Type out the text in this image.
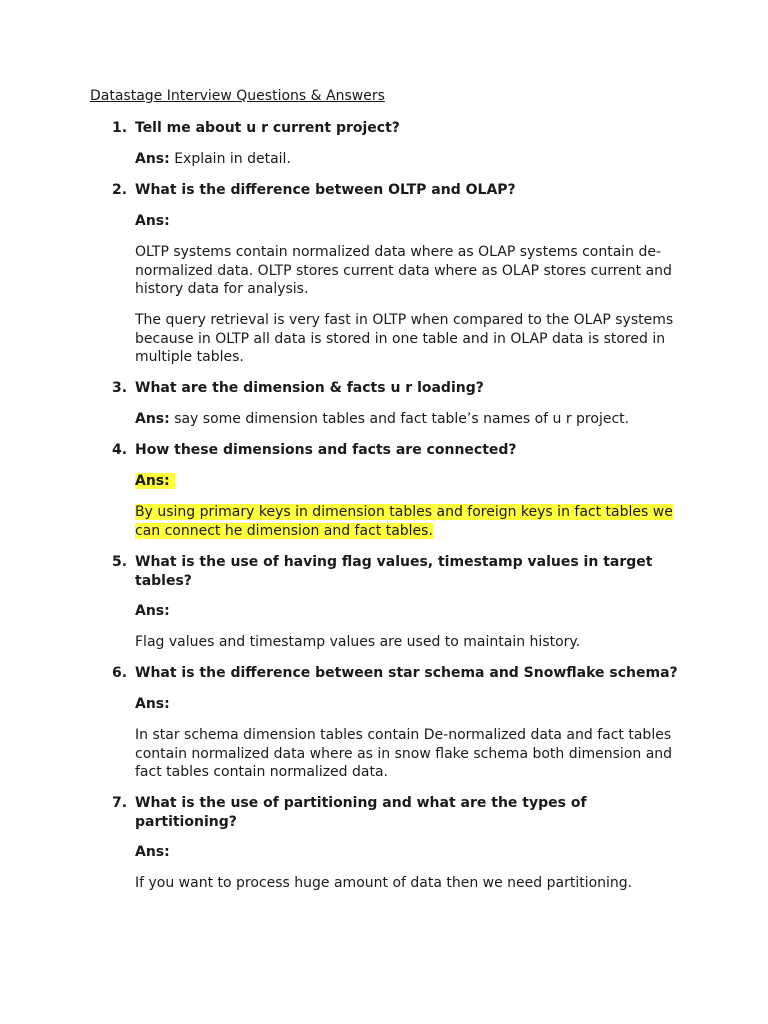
Datastage Interview Questions & Answers
1. Tell me about u r current project?
Ans: Explain in detail.
2. What is the difference between OLTP and OLAP?
Ans:
OLTP systems contain normalized data where as OLAP systems contain de-normalized data. OLTP stores current data where as OLAP stores current and history data for analysis.
The query retrieval is very fast in OLTP when compared to the OLAP systems because in OLTP all data is stored in one table and in OLAP data is stored in multiple tables.
3. What are the dimension & facts u r loading?
Ans: say some dimension tables and fact table’s names of u r project.
4. How these dimensions and facts are connected?
Ans:
By using primary keys in dimension tables and foreign keys in fact tables we can connect he dimension and fact tables.
5. What is the use of having flag values, timestamp values in target tables?
Ans:
Flag values and timestamp values are used to maintain history.
6. What is the difference between star schema and Snowflake schema?
Ans:
In star schema dimension tables contain De-normalized data and fact tables contain normalized data where as in snow flake schema both dimension and fact tables contain normalized data.
7. What is the use of partitioning and what are the types of partitioning?
Ans:
If you want to process huge amount of data then we need partitioning.
